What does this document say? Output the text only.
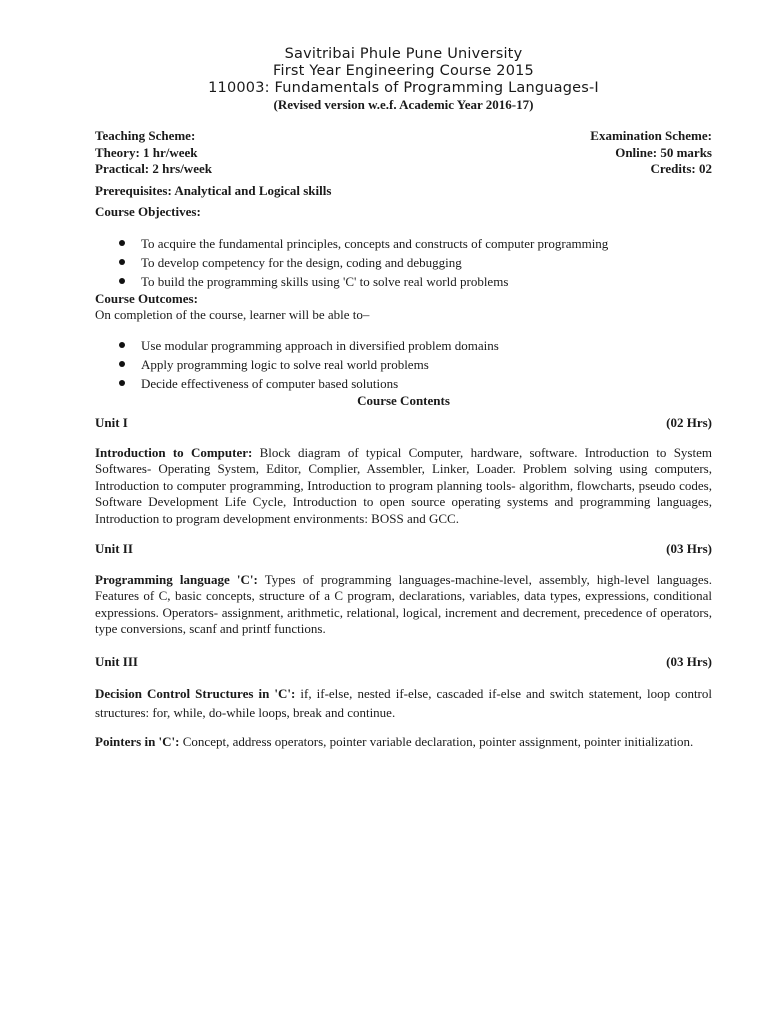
Savitribai Phule Pune University
First Year Engineering Course 2015
110003: Fundamentals of Programming Languages-I
(Revised version w.e.f. Academic Year 2016-17)
Teaching Scheme:	Examination Scheme:
Theory: 1 hr/week	Online: 50 marks
Practical: 2 hrs/week	Credits: 02
Prerequisites: Analytical and Logical skills
Course Objectives:
To acquire the fundamental principles, concepts and constructs of computer programming
To develop competency for the design, coding and debugging
To build the programming skills using 'C' to solve real world problems
Course Outcomes:
On completion of the course, learner will be able to–
Use modular programming approach in diversified problem domains
Apply programming logic to solve real world problems
Decide effectiveness of computer based solutions
Course Contents
Unit I	(02 Hrs)
Introduction to Computer: Block diagram of typical Computer, hardware, software. Introduction to System Softwares- Operating System, Editor, Complier, Assembler, Linker, Loader. Problem solving using computers, Introduction to computer programming, Introduction to program planning tools- algorithm, flowcharts, pseudo codes, Software Development Life Cycle, Introduction to open source operating systems and programming languages, Introduction to program development environments: BOSS and GCC.
Unit II	(03 Hrs)
Programming language 'C': Types of programming languages-machine-level, assembly, high-level languages. Features of C, basic concepts, structure of a C program, declarations, variables, data types, expressions, conditional expressions. Operators- assignment, arithmetic, relational, logical, increment and decrement, precedence of operators, type conversions, scanf and printf functions.
Unit III	(03 Hrs)
Decision Control Structures in 'C': if, if-else, nested if-else, cascaded if-else and switch statement, loop control structures: for, while, do-while loops, break and continue.
Pointers in 'C': Concept, address operators, pointer variable declaration, pointer assignment, pointer initialization.
